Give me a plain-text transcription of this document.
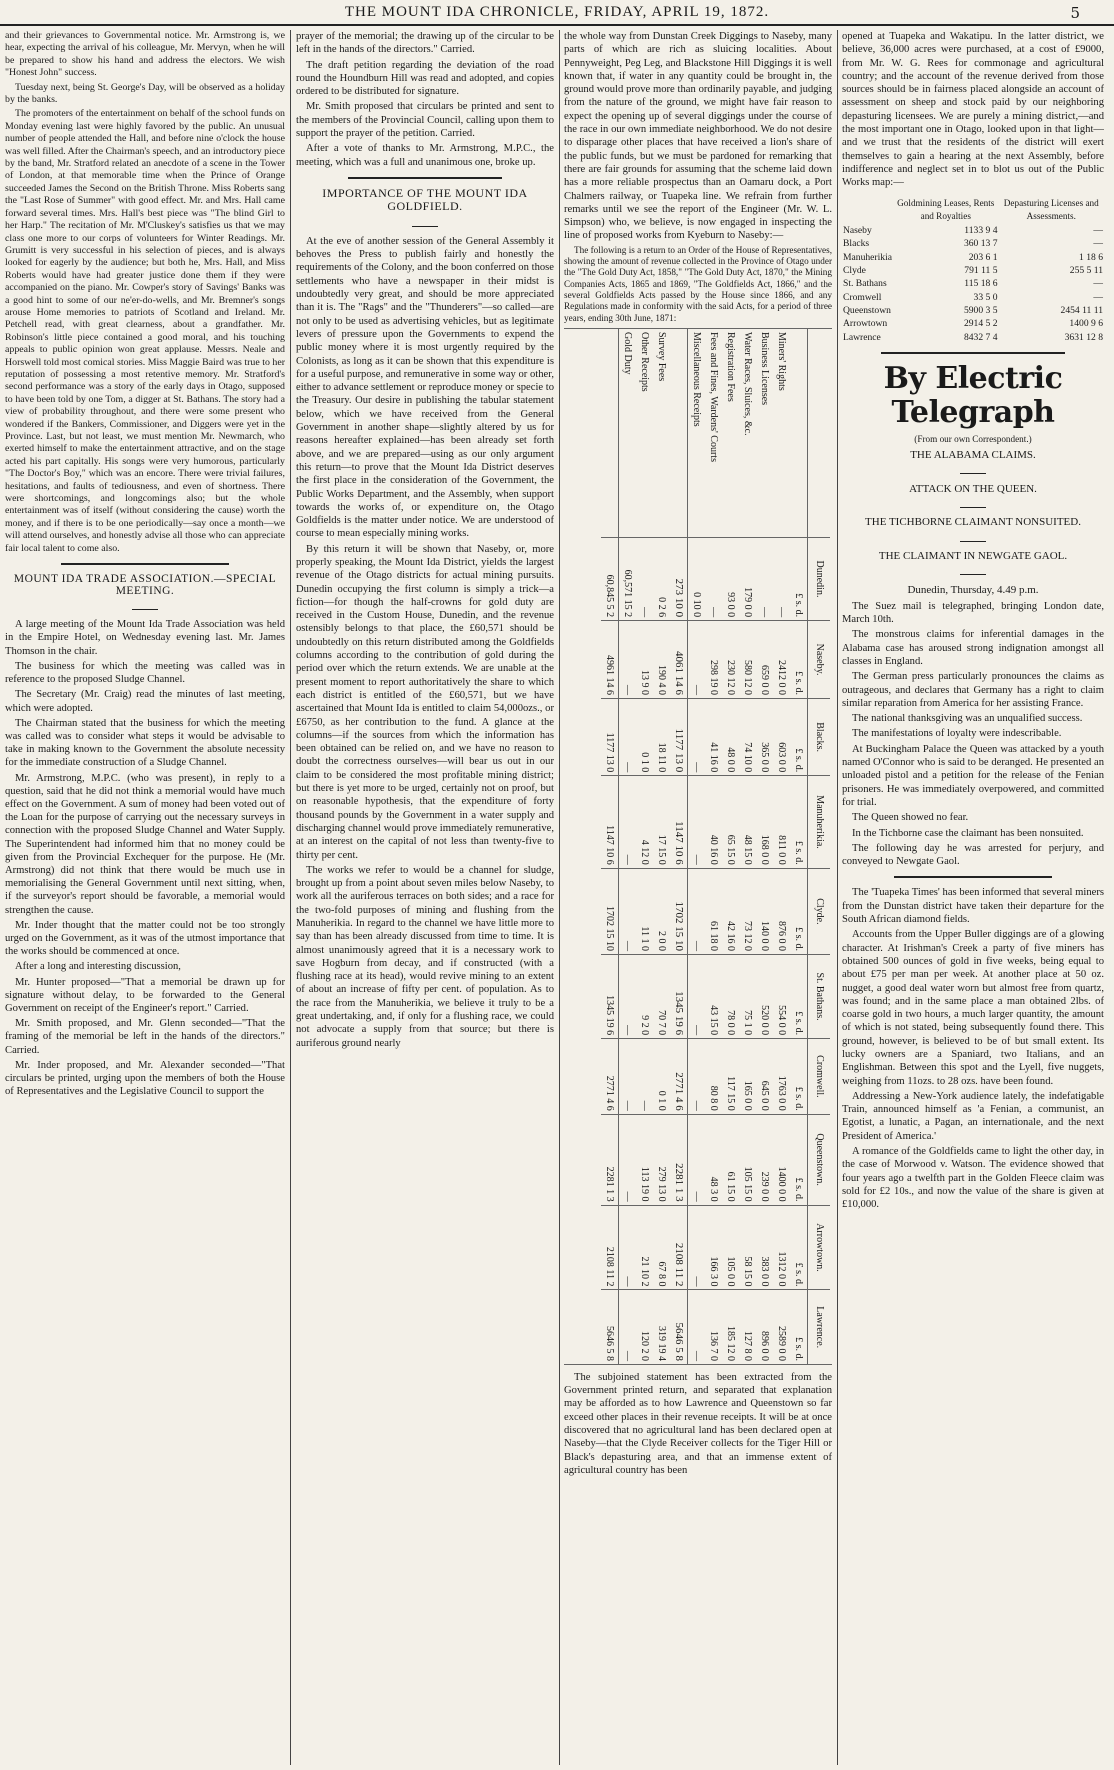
THE MOUNT IDA CHRONICLE, FRIDAY, APRIL 19, 1872.	5

and their grievances to Governmental notice. Mr. Armstrong is, we hear, expecting the arrival of his colleague, Mr. Mervyn, when he will be prepared to show his hand and address the electors. We wish "Honest John" success.

Tuesday next, being St. George's Day, will be observed as a holiday by the banks.

The promoters of the entertainment on behalf of the school funds on Monday evening last were highly favored by the public. An unusual number of people attended the Hall, and before nine o'clock the house was well filled. After the Chairman's speech, and an introductory piece by the band, Mr. Stratford related an anecdote of a scene in the Tower of London, at that memorable time when the Prince of Orange succeeded James the Second on the British Throne. Miss Roberts sang the "Last Rose of Summer" with good effect. Mr. and Mrs. Hall came forward several times. Mrs. Hall's best piece was "The blind Girl to her Harp." The recitation of Mr. M'Cluskey's satisfies us that we may class one more to our corps of volunteers for Winter Readings. Mr. Grumitt is very successful in his selection of pieces, and is always looked for eagerly by the audience; but both he, Mrs. Hall, and Miss Roberts would have had greater justice done them if they were accompanied on the piano. Mr. Cowper's story of Savings' Banks was a good hint to some of our ne'er-do-wells, and Mr. Bremner's songs arouse Home memories to patriots of Scotland and Ireland. Mr. Petchell read, with great clearness, about a grandfather. Mr. Robinson's little piece contained a good moral, and his touching appeals to public opinion won great applause. Messrs. Neale and Horswell told most comical stories. Miss Maggie Baird was true to her reputation of possessing a most retentive memory. Mr. Stratford's second performance was a story of the early days in Otago, supposed to have been told by one Tom, a digger at St. Bathans. The story had a view of probability throughout, and there were some present who wondered if the Bankers, Commissioner, and Diggers were yet in the Province. Last, but not least, we must mention Mr. Newmarch, who exerted himself to make the entertainment attractive, and on the stage acted his part capitally. His songs were very humorous, particularly "The Doctor's Boy," which was an encore. There were trivial failures, hesitations, and faults of tediousness, and even of shortness. There were shortcomings, and longcomings also; but the whole entertainment was of itself (without considering the cause) worth the money, and if there is to be one periodically—say once a month—we will attend ourselves, and honestly advise all those who can appreciate fair local talent to come also.

MOUNT IDA TRADE ASSOCIATION.—SPECIAL MEETING.

A large meeting of the Mount Ida Trade Association was held in the Empire Hotel, on Wednesday evening last. Mr. James Thomson in the chair.

The business for which the meeting was called was in reference to the proposed Sludge Channel.

The Secretary (Mr. Craig) read the minutes of last meeting, which were adopted.

The Chairman stated that the business for which the meeting was called was to consider what steps it would be advisable to take in making known to the Government the absolute necessity for the immediate construction of a Sludge Channel.

Mr. Armstrong, M.P.C. (who was present), in reply to a question, said that he did not think a memorial would have much effect on the Government. A sum of money had been voted out of the Loan for the purpose of carrying out the necessary surveys in connection with the proposed Sludge Channel and Water Supply. The Superintendent had informed him that no money could be given from the Provincial Exchequer for the purpose. He (Mr. Armstrong) did not think that there would be much use in memorialising the General Government until next sitting, when, if the surveyor's report should be favorable, a memorial would strengthen the cause.

Mr. Inder thought that the matter could not be too strongly urged on the Government, as it was of the utmost importance that the works should be commenced at once.

After a long and interesting discussion,

Mr. Hunter proposed—"That a memorial be drawn up for signature without delay, to be forwarded to the General Government on receipt of the Engineer's report." Carried.

Mr. Smith proposed, and Mr. Glenn seconded—"That the framing of the memorial be left in the hands of the directors." Carried.

Mr. Inder proposed, and Mr. Alexander seconded—"That circulars be printed, urging upon the members of both the House of Representatives and the Legislative Council to support the

prayer of the memorial; the drawing up of the circular to be left in the hands of the directors." Carried.

The draft petition regarding the deviation of the road round the Houndburn Hill was read and adopted, and copies ordered to be distributed for signature.

Mr. Smith proposed that circulars be printed and sent to the members of the Provincial Council, calling upon them to support the prayer of the petition. Carried.

After a vote of thanks to Mr. Armstrong, M.P.C., the meeting, which was a full and unanimous one, broke up.

IMPORTANCE OF THE MOUNT IDA GOLDFIELD.

At the eve of another session of the General Assembly it behoves the Press to publish fairly and honestly the requirements of the Colony, and the boon conferred on those settlements who have a newspaper in their midst is undoubtedly very great, and should be more appreciated than it is. The "Rags" and the "Thunderers"—so called—are not only to be used as advertising vehicles, but as legitimate levers of pressure upon the Governments to expend the public money where it is most urgently required by the Colonists, as long as it can be shown that this expenditure is for a useful purpose, and remunerative in some way or other, either to advance settlement or reproduce money or specie to the Treasury. Our desire in publishing the tabular statement below, which we have received from the General Government in another shape—slightly altered by us for reasons hereafter explained—has been already set forth above, and we are prepared—using as our only argument this return—to prove that the Mount Ida District deserves the first place in the consideration of the Government, the Public Works Department, and the Assembly, when support towards the works of, or expenditure on, the Otago Goldfields is the matter under notice. We are understood of course to mean especially mining works.

By this return it will be shown that Naseby, or, more properly speaking, the Mount Ida District, yields the largest revenue of the Otago districts for actual mining pursuits. Dunedin occupying the first column is simply a trick—a fiction—for though the half-crowns for gold duty are received in the Custom House, Dunedin, and the revenue ostensibly belongs to that place, the £60,571 should be undoubtedly on this return distributed among the Goldfields columns according to the contribution of gold during the period over which the return extends. We are unable at the present moment to report authoritatively the share to which each district is entitled of the £60,571, but we have ascertained that Mount Ida is entitled to claim 54,000ozs., or £6750, as her contribution to the fund. A glance at the columns—if the sources from which the information has been obtained can be relied on, and we have no reason to doubt the correctness ourselves—will bear us out in our claim to be considered the most profitable mining district; but there is yet more to be urged, certainly not on proof, but on reasonable hypothesis, that the expenditure of forty thousand pounds by the Government in a water supply and discharging channel would prove immediately remunerative, at an interest on the capital of not less than twenty-five to thirty per cent.

The works we refer to would be a channel for sludge, brought up from a point about seven miles below Naseby, to work all the auriferous terraces on both sides; and a race for the two-fold purposes of mining and flushing from the Manuherikia. In regard to the channel we have little more to say than has been already discussed from time to time. It is almost unanimously agreed that it is a necessary work to save Hogburn from decay, and if constructed (with a flushing race at its head), would revive mining to an extent of about an increase of fifty per cent. of population. As to the race from the Manuherikia, we believe it truly to be a great undertaking, and, if only for a flushing race, we could not advocate a supply from that source; but there is auriferous ground nearly

the whole way from Dunstan Creek Diggings to Naseby, many parts of which are rich as sluicing localities. About Pennyweight, Peg Leg, and Blackstone Hill Diggings it is well known that, if water in any quantity could be brought in, the ground would prove more than ordinarily payable, and judging from the nature of the ground, we might have fair reason to expect the opening up of several diggings under the course of the race in our own immediate neighborhood. We do not desire to disparage other places that have received a lion's share of the public funds, but we must be pardoned for remarking that there are fair grounds for assuming that the scheme laid down has a more reliable prospectus than an Oamaru dock, a Port Chalmers railway, or Tuapeka line. We refrain from further remarks until we see the report of the Engineer (Mr. W. L. Simpson) who, we believe, is now engaged in inspecting the line of proposed works from Kyeburn to Naseby:—

The following is a return to an Order of the House of Representatives, showing the amount of revenue collected in the Province of Otago under the "The Gold Duty Act, 1858," "The Gold Duty Act, 1870," the Mining Companies Acts, 1865 and 1869, "The Goldfields Act, 1866," and the several Goldfields Acts passed by the House since 1866, and any Regulations made in conformity with the said Acts, for a period of three years, ending 30th June, 1871:

	Dunedin.	Naseby.	Blacks.	Manuherikia.	Clyde.	St. Bathans.	Cromwell.	Queenstown.	Arrowtown.	Lawrence.
	£ s. d.	£ s. d.	£ s. d.	£ s. d.	£ s. d.	£ s. d.	£ s. d.	£ s. d.	£ s. d.	£ s. d.
Miners' Rights	—	2412 0 0	603 0 0	811 0 0	876 0 0	554 0 0	1763 0 0	1400 0 0	1312 0 0	2589 0 0
Business Licenses	—	659 0 0	365 0 0	168 0 0	140 0 0	520 0 0	645 0 0	239 0 0	383 0 0	896 0 0
Water Races, Sluices, &c.	179 0 0	580 12 0	74 10 0	48 15 0	73 12 0	75 1 0	165 0 0	105 15 0	58 15 0	127 8 0
Registration Fees	93 0 0	230 12 0	48 0 0	65 15 0	42 16 0	78 0 0	117 15 0	61 15 0	105 0 0	185 12 0
Fees and Fines, Wardens' Courts	—	298 19 0	41 16 0	40 16 0	61 18 0	43 15 0	80 8 0	48 3 0	166 3 0	136 7 0
Miscellaneous Receipts	0 10 0	—	—	—	—	—	—	—	—	—
	273 10 0	4061 14 6	1177 13 0	1147 10 6	1702 15 10	1345 19 6	2771 4 6	2281 1 3	2108 11 2	5646 5 8
Survey Fees	0 2 6	190 4 0	18 11 0	17 15 0	2 0 0	70 7 0	0 1 0	279 13 0	67 8 0	319 19 4
Other Receipts	—	13 9 0	0 1 0	4 12 0	11 1 0	9 2 0	—	113 19 0	21 10 2	120 2 0
Gold Duty	60,571 15 2	—	—	—	—	—	—	—	—	—
	60,845 5 2	4961 14 6	1177 13 0	1147 10 6	1702 15 10	1345 19 6	2771 4 6	2281 1 3	2108 11 2	5646 5 8

The subjoined statement has been extracted from the Government printed return, and separated that explanation may be afforded as to how Lawrence and Queenstown so far exceed other places in their revenue receipts. It will be at once discovered that no agricultural land has been declared open at Naseby—that the Clyde Receiver collects for the Tiger Hill or Black's depasturing area, and that an immense extent of agricultural country has been

opened at Tuapeka and Wakatipu. In the latter district, we believe, 36,000 acres were purchased, at a cost of £9000, from Mr. W. G. Rees for commonage and agricultural country; and the account of the revenue derived from those sources should be in fairness placed alongside an account of assessment on sheep and stock paid by our neighboring depasturing licensees. We are purely a mining district,—and the most important one in Otago, looked upon in that light—and we trust that the residents of the district will exert themselves to gain a hearing at the next Assembly, before indifference and neglect set in to blot us out of the Public Works map:—

	Goldmining Leases, Rents and Royalties	Depasturing Licenses and Assessments.
Naseby	1133 9 4	—
Blacks	360 13 7	—
Manuherikia	203 6 1	1 18 6
Clyde	791 11 5	255 5 11
St. Bathans	115 18 6	—
Cromwell	33 5 0	—
Queenstown	5900 3 5	2454 11 11
Arrowtown	2914 5 2	1400 9 6
Lawrence	8432 7 4	3631 12 8
By Electric Telegraph
(From our own Correspondent.)
THE ALABAMA CLAIMS.
ATTACK ON THE QUEEN.
THE TICHBORNE CLAIMANT NONSUITED.
THE CLAIMANT IN NEWGATE GAOL.
Dunedin, Thursday, 4.49 p.m.

The Suez mail is telegraphed, bringing London date, March 10th.

The monstrous claims for inferential damages in the Alabama case has aroused strong indignation amongst all classes in England.

The German press particularly pronounces the claims as outrageous, and declares that Germany has a right to claim similar reparation from America for her assisting France.

The national thanksgiving was an unqualified success.

The manifestations of loyalty were indescribable.

At Buckingham Palace the Queen was attacked by a youth named O'Connor who is said to be deranged. He presented an unloaded pistol and a petition for the release of the Fenian prisoners. He was immediately overpowered, and committed for trial.

The Queen showed no fear.

In the Tichborne case the claimant has been nonsuited.

The following day he was arrested for perjury, and conveyed to Newgate Gaol.

The 'Tuapeka Times' has been informed that several miners from the Dunstan district have taken their departure for the South African diamond fields.

Accounts from the Upper Buller diggings are of a glowing character. At Irishman's Creek a party of five miners has obtained 500 ounces of gold in five weeks, being equal to about £75 per man per week. At another place at 50 oz. nugget, a good deal water worn but almost free from quartz, was found; and in the same place a man obtained 2lbs. of coarse gold in two hours, a much larger quantity, the amount of which is not stated, being subsequently found there. This ground, however, is believed to be of but small extent. Its lucky owners are a Spaniard, two Italians, and an Englishman. Between this spot and the Lyell, five nuggets, weighing from 11ozs. to 28 ozs. have been found.

Addressing a New-York audience lately, the indefatigable Train, announced himself as 'a Fenian, a communist, an Egotist, a lunatic, a Pagan, an internationale, and the next President of America.'

A romance of the Goldfields came to light the other day, in the case of Morwood v. Watson. The evidence showed that four years ago a twelfth part in the Golden Fleece claim was sold for £2 10s., and now the value of the share is given at £10,000.
